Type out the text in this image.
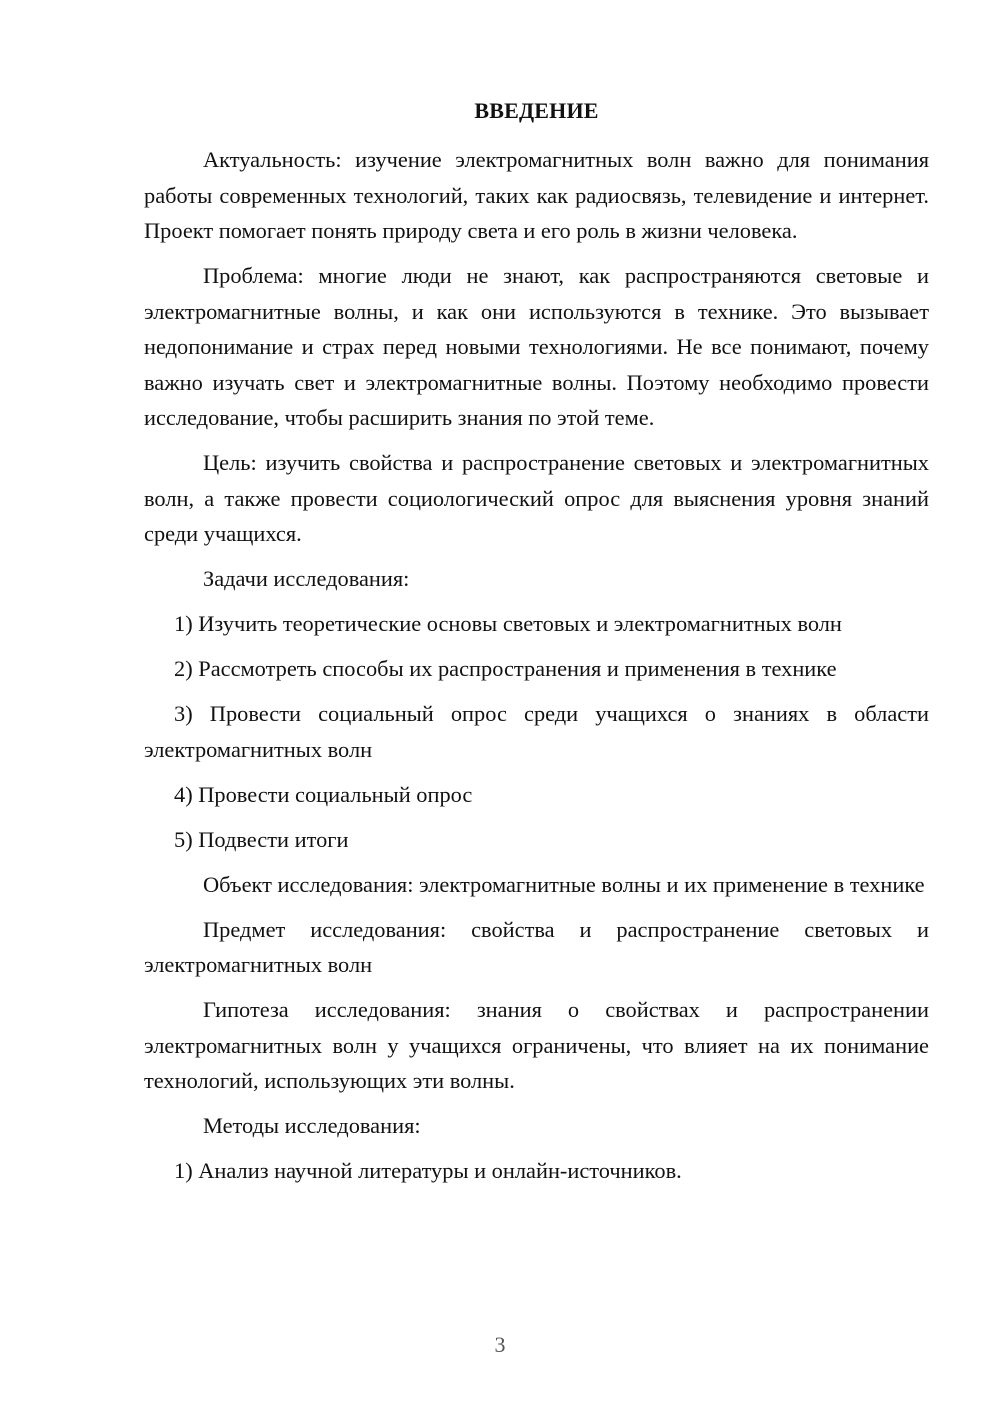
ВВЕДЕНИЕ

Актуальность: изучение электромагнитных волн важно для понимания работы современных технологий, таких как радиосвязь, телевидение и интернет. Проект помогает понять природу света и его роль в жизни человека.

Проблема: многие люди не знают, как распространяются световые и электромагнитные волны, и как они используются в технике. Это вызывает недопонимание и страх перед новыми технологиями. Не все понимают, почему важно изучать свет и электромагнитные волны. Поэтому необходимо провести исследование, чтобы расширить знания по этой теме.

Цель: изучить свойства и распространение световых и электромагнитных волн, а также провести социологический опрос для выяснения уровня знаний среди учащихся.

Задачи исследования:

1) Изучить теоретические основы световых и электромагнитных волн

2) Рассмотреть способы их распространения и применения в технике

3) Провести социальный опрос среди учащихся о знаниях в области электромагнитных волн

4) Провести социальный опрос

5) Подвести итоги

Объект исследования: электромагнитные волны и их применение в технике

Предмет исследования: свойства и распространение световых и электромагнитных волн

Гипотеза исследования: знания о свойствах и распространении электромагнитных волн у учащихся ограничены, что влияет на их понимание технологий, использующих эти волны.

Методы исследования:

1) Анализ научной литературы и онлайн-источников.

3
